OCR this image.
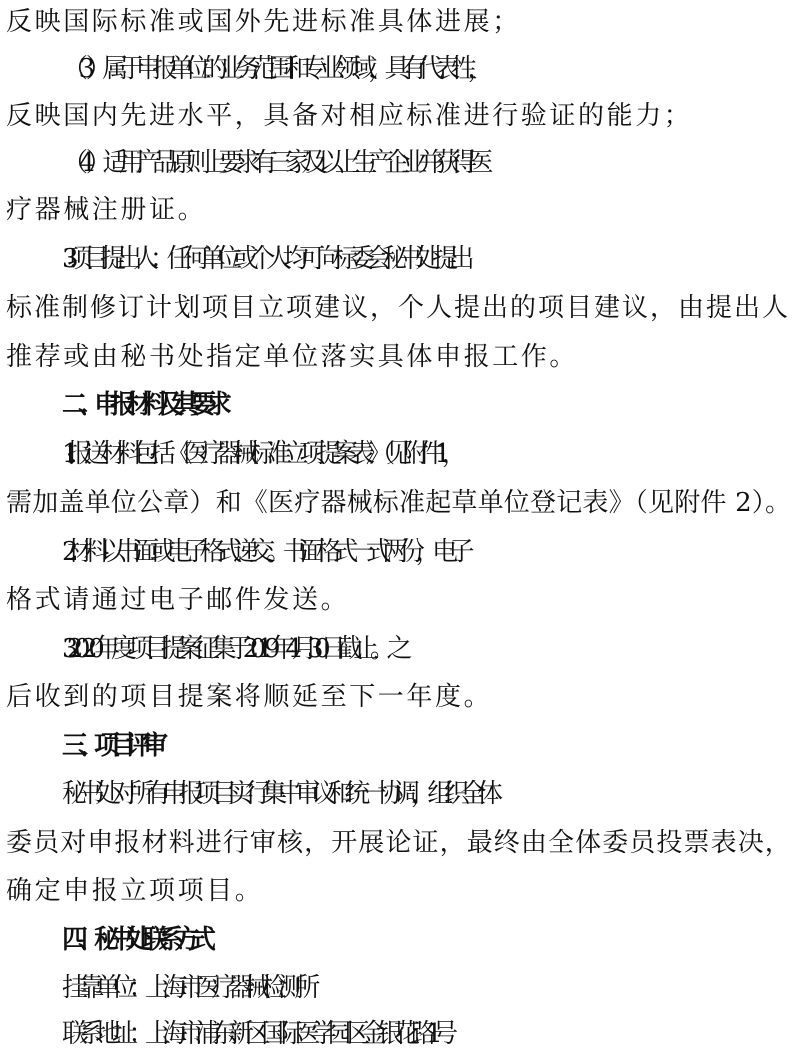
反映国际标准或国外先进标准具体进展；
（3）属于申报单位的业务范围和专业领域，具有代表性，
反映国内先进水平，具备对相应标准进行验证的能力；
（4）适用产品原则上要求有三家及以上生产企业并获得医
疗器械注册证。
3. 项目提出人：任何单位或个人均可向标委会秘书处提出
标准制修订计划项目立项建议，个人提出的项目建议，由提出人
推荐或由秘书处指定单位落实具体申报工作。
二、申报材料及其要求
1. 报送材料包括《医疗器械标准立项提案表》（见附件 1，
需加盖单位公章）和《医疗器械标准起草单位登记表》（见附件 2）。
2. 材料以书面或电子格式递交。书面格式一式两份，电子
格式请通过电子邮件发送。
3. 2020 年度项目提案征集于 2019 年 4 月 30 日截止。之
后收到的项目提案将顺延至下一年度。
三、项目评审
秘书处对所有申报项目实行集中审议和统一协调，组织全体
委员对申报材料进行审核，开展论证，最终由全体委员投票表决，
确定申报立项项目。
四、秘书处联系方式
挂靠单位：上海市医疗器械检测所
联系地址：上海市浦东新区国际医学园区金银花路 1 号
